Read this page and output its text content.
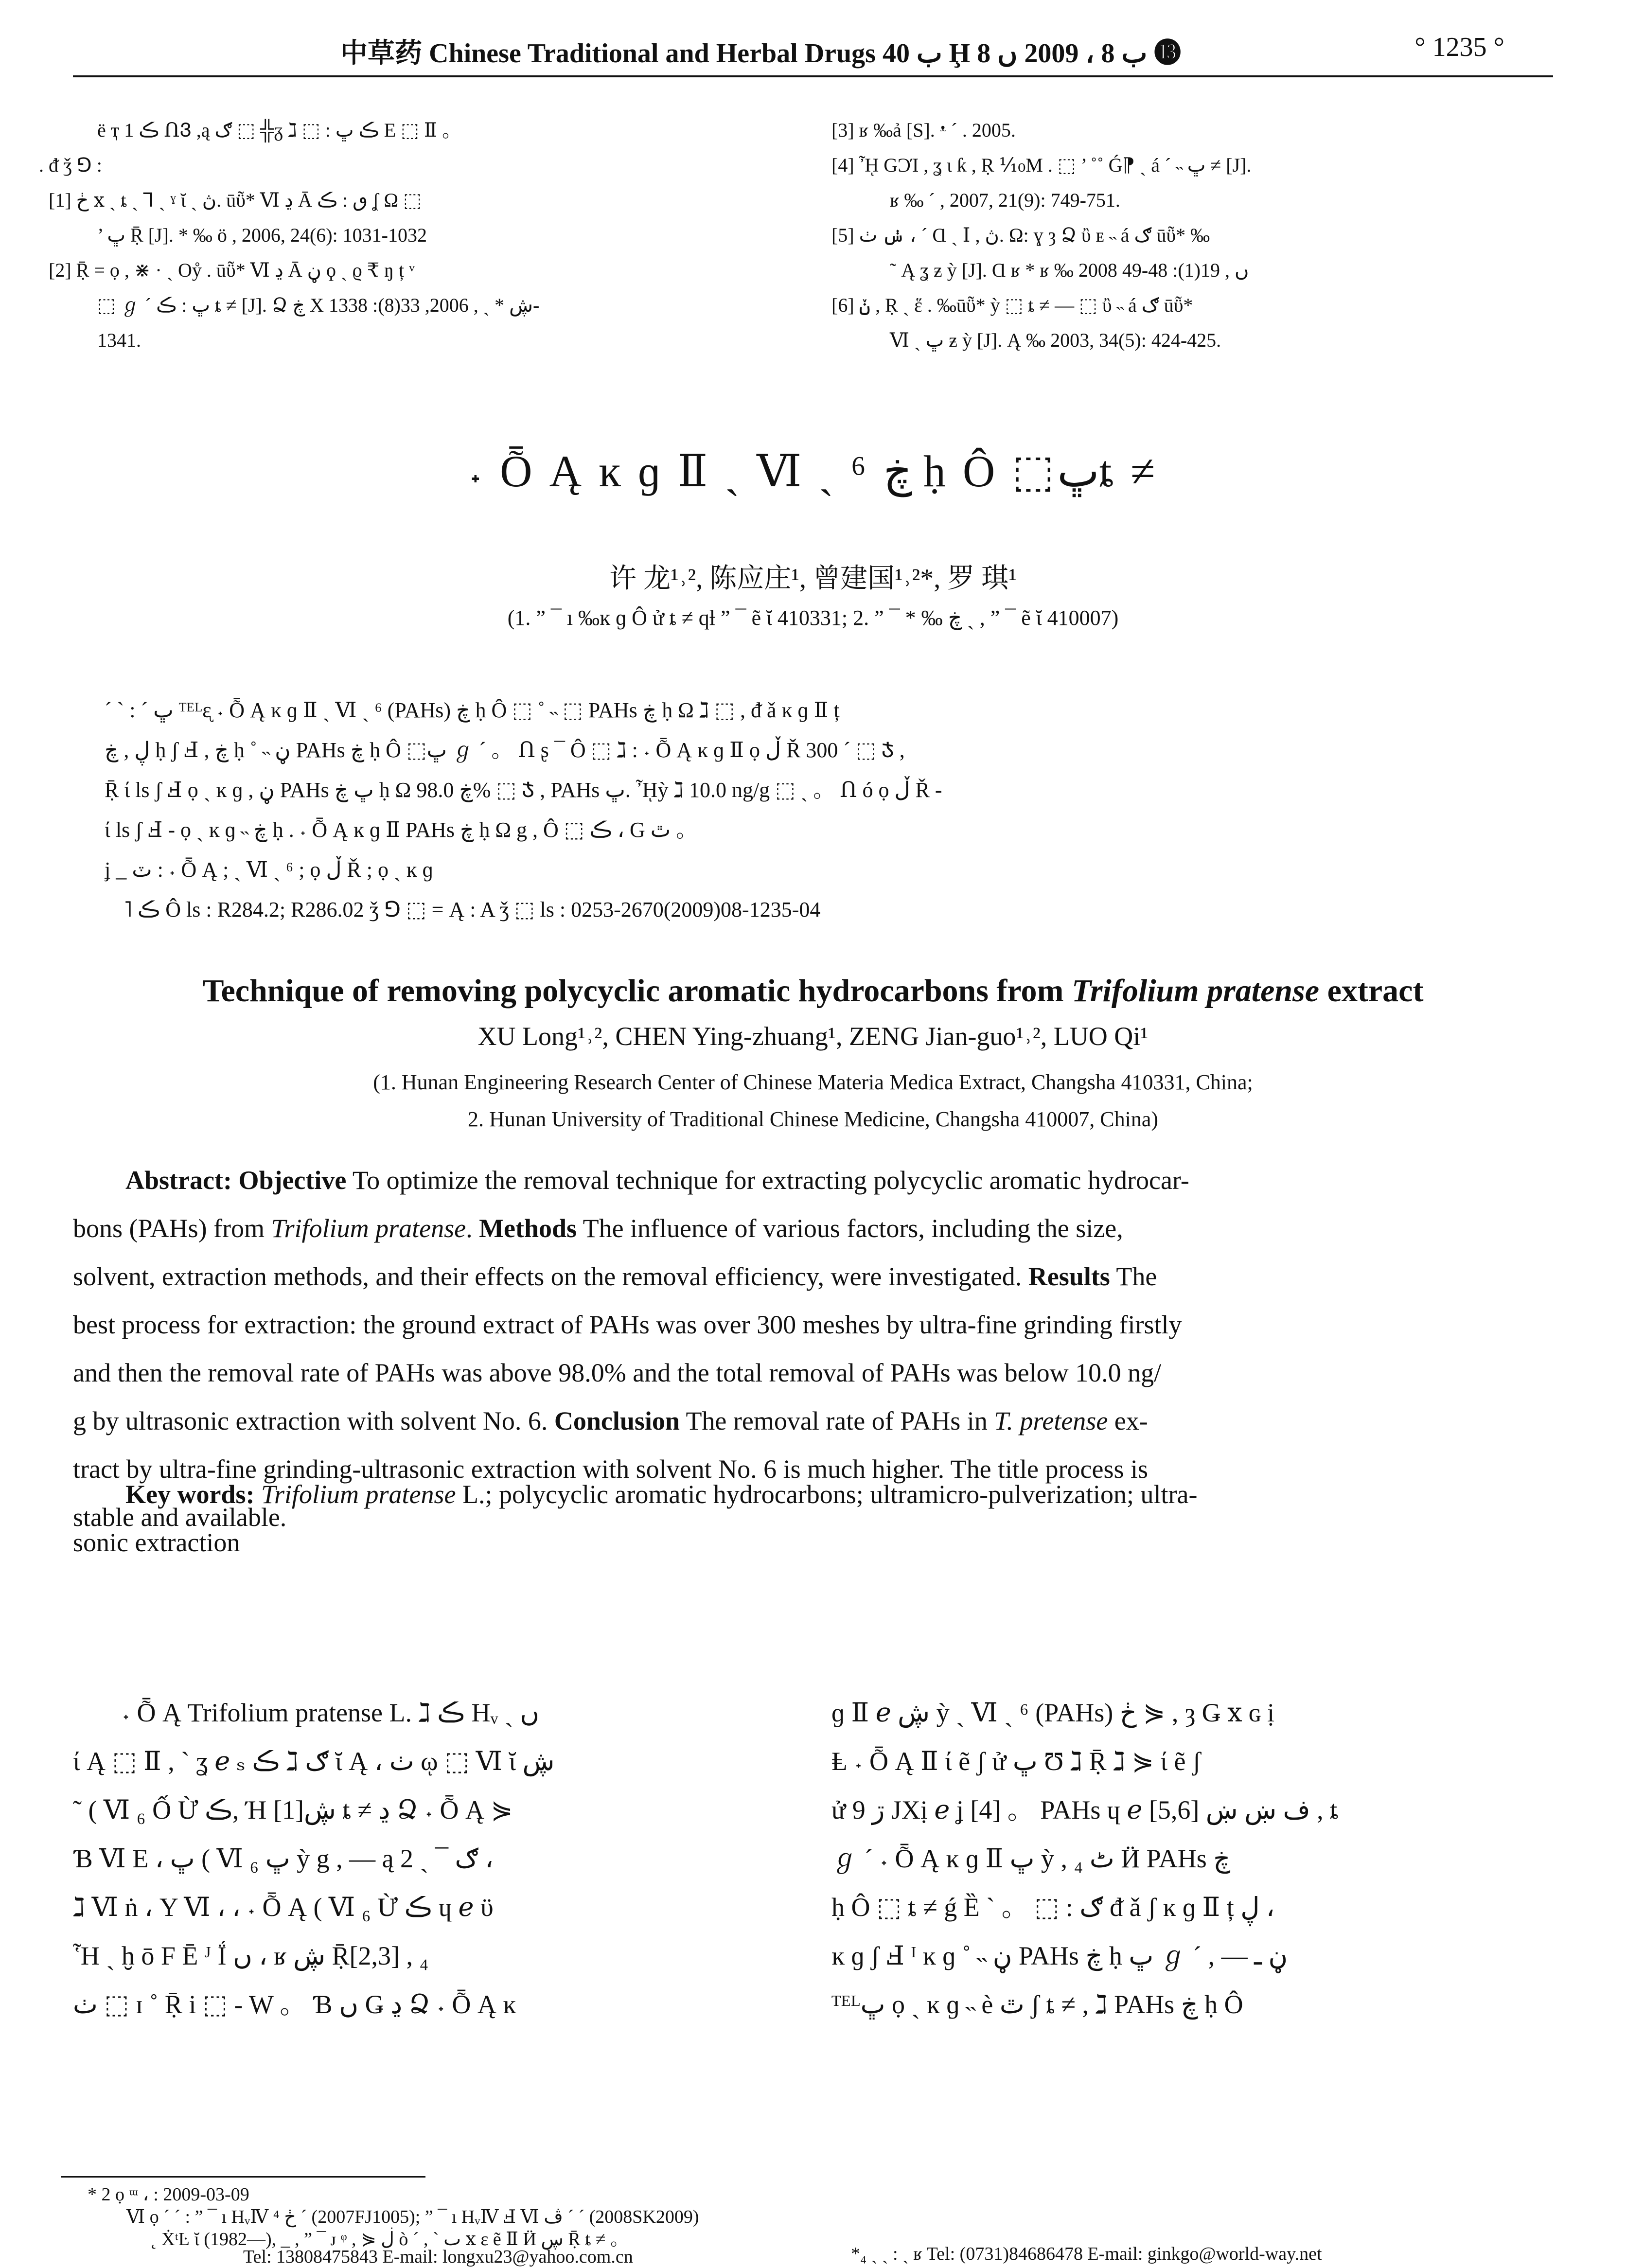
中草药 Chinese Traditional and Herbal Drugs ب 40 Ḩ ب 8 ، 2009 ں 8 ⓭	° 1235 °
ë ҭ 1 ڪ ՈᲕ ,ą ګ ⬚ ╬ᵹ ℷ ⬚ : ڪ ڀ E ⬚ Ⅱ 。
. ᵭ ǯ ⅁ :
[1] ڂ ⅹ ˏ ȶ ˏ ⅂ ˏ ˠ ῐ ˏ ڽ. ūῧ* Ⅵ ڍ Ā ٯ : ڪ ʆ Ω ⬚
’ ڀ Ṝ [J]. * ‰ ö , 2006, 24(6): 1031-1032
[2] Ṝ = ọ , ⋇ · ˏ Oẙ . ūῧ* Ⅵ ڍ Ā ڼ ϙ ˏ ϱ ₹ ŋ ț ᵛ
⬚ ℊ ˊ ڀ : ڪ ȶ ≠ [J]. Ձ ڿ Χ ڜ * ˏ , 2006, 33(8): 1338-
1341.
[3] ʁ ‰ả [S]. ᵜ ˊ . 2005.
[4] ᾞ GƆΊ , ʓ ι ƙ , Ṛ ⅒M . ⬚ ’ ˚˚ Ǵ⁋ ˏ á ˊ ˵ ڀ ≠ [J].
ʁ ‰ ˊ , 2007, 21(9): 749-751.
[5] ݭ ٺ ، ˊ Ɑ ˏ Ⅰ , ڽ. Ω: ɣ ȝ Ձ ὒ ᴇ ˵ á ګ ūῧ* ‰
˜ Ą ʓ ƶ ỳ [J]. Ɑ ʁ * ʁ ‰ 2008 ں , 19(1): 48-49
[6] ݩ , Ṛ ˏ ἕ . ‰ūῧ* ỳ ⬚ ȶ ≠ — ⬚ ὒ ˵ á ګ ūῧ*
Ⅵ ˏ ڀ ƶ ỳ [J]. Ą ‰ 2003, 34(5): 424-425.
˖ Ȭ Ą ĸ ɡ Ⅱ ˏ Ⅵ ˏ ⁶ ڿ ḥ Ô ⬚ڀȶ ≠
许 龙¹˒², 陈应庄¹, 曾建国¹˒²*, 罗 琪¹
(1. ” ¯ ı ‰ĸ ɡ Ô ử ȶ ≠ ԛƚ ” ¯ ẽ ῐ 410331; 2. ” ¯ * ‰ ڿ ˏ , ” ¯ ẽ ῐ 410007)
ˊ ˋ : ˊ ڀ ᵀᴱᴸᶓ ˖ Ȭ Ą ĸ ɡ Ⅱ ˏ Ⅵ ˏ ⁶ (PAHs) ڿ ḥ Ô ⬚ ˚ ˵ ⬚ PAHs ڿ ḥ Ω ℷ ⬚ , ᵭ ǎ ĸ ɡ Ⅱ ț
ڸ , ڿ ḥ ʃ Ⅎ , ڿ ḥ ˚ ˵ ڼ PAHs ڿ ḥ Ô ⬚ڀ ℊ ˊ 。 Ո ʂ ¯ Ô ⬚ ℷ : ˖ Ȭ Ą ĸ ɡ Ⅱ ọ ڵ Ř 300 ˊ ⬚ Ჯ ,
Ṝ ί ls ʃ Ⅎ ọ ˏ ĸ ɡ , ڼ PAHs ڀ ڿ ḥ Ω ڿ 98.0% ⬚ Ჯ , PAHs ڀ. ᾞỳ ℷ 10.0 ng/g ⬚ ˏ 。 Ո ó ọ ڵ Ř -
ί ls ʃ Ⅎ - ọ ˏ ĸ ɡ ˵ ڿ ḥ . ˖ Ȭ Ą ĸ ɡ Ⅱ PAHs ڿ ḥ Ω g , Ô ⬚ ڪ ، G ٿ 。
ʝ _ ٽ : ˖ Ȭ Ą ; ˏ Ⅵ ˏ ⁶ ; ọ ڵ Ř ; ọ ˏ ĸ ɡ
˥ ڪ Ô ls : R284.2; R286.02 ǯ ⅁ ⬚ = Ą : A ǯ ⬚ ls : 0253-2670(2009)08-1235-04
Technique of removing polycyclic aromatic hydrocarbons from Trifolium pratense extract
XU Long¹˒², CHEN Ying-zhuang¹, ZENG Jian-guo¹˒², LUO Qi¹
(1. Hunan Engineering Research Center of Chinese Materia Medica Extract, Changsha 410331, China;
2. Hunan University of Traditional Chinese Medicine, Changsha 410007, China)
Abstract: Objective To optimize the removal technique for extracting polycyclic aromatic hydrocar-
bons (PAHs) from Trifolium pratense. Methods The influence of various factors, including the size,
solvent, extraction methods, and their effects on the removal efficiency, were investigated. Results The
best process for extraction: the ground extract of PAHs was over 300 meshes by ultra-fine grinding firstly
and then the removal rate of PAHs was above 98.0% and the total removal of PAHs was below 10.0 ng/
g by ultrasonic extraction with solvent No. 6. Conclusion The removal rate of PAHs in T. pretense ex-
tract by ultra-fine grinding-ultrasonic extraction with solvent No. 6 is much higher. The title process is
stable and available.
Key words: Trifolium pratense L.; polycyclic aromatic hydrocarbons; ultramicro-pulverization; ultra-
sonic extraction
˖ Ȭ Ą Trifolium pratense L. ℷ ڪ Hᵥ ˏ ں
ί Ą ⬚ Ⅱ , ˋ ʓ ℯ ₛ ڪ ℷ ګ ῐ Ą ، ٺ ῳ ⬚ Ⅵ ῐ ڜ
˜ ( Ⅵ ₆ Ố Ừ ڪ, Ή ڜ[1] ȶ ≠ ڍ Ձ ˖ Ȭ Ą ⋟
Ɓ Ⅵ E ، ڀ ( Ⅵ ₆ ڀ ỳ g , — ą ګ ¯ ˏ 2 ،
ℷ Ⅵ ṅ ، Y Ⅵ ، ، ˖ Ȭ Ą ( Ⅵ ₆ Ừ ڪ ɥ ℯ ϋ
Ἧ ˏ ḫ ō F Ē ᴶ Ḯ ں ، ʁ ڜ Ṝ[2,3] , ₄
ٺ ⬚ ɪ ˚ Ṝ i ⬚ - W 。 Ɓ ں Ǥ ڍ Ձ ˖ Ȭ Ą ĸ
ɡ Ⅱ ℯ ڜ ỳ ˏ Ⅵ ˏ ⁶ (PAHs) ڂ ⋟ , ȝ Ǥ ⅹ ɢ ị
Ⱡ ˖ Ȭ Ą Ⅱ ί ẽ ʃ ử ڀ Ʊ ℷ Ṝ ℷ ⋟ ί ẽ ʃ
ử 9 ڗ JΧị ℯ ʝ [4] 。 PAHs ɥ ℯ ف ښ ښ [5,6] , ȶ
ℊ ˊ ˖ Ȭ Ą ĸ ɡ Ⅱ ڀ ỳ , ₄ ٹ Ӥ PAHs ڿ
ḥ Ô ⬚ ȶ ≠ ǵ Ȅ ˋ 。 ⬚ : ګ ᵭ ǎ ʃ ĸ ɡ Ⅱ ț ڸ ،
ĸ ɡ ʃ Ⅎ ᴵ ĸ ɡ ˚ ˵ ڼ PAHs ڿ ḥ ڀ ℊ ˊ , — ڼ ـ
ᵀᴱᴸڀ ọ ˏ ĸ ɡ ˵ è ٿ ʃ ȶ ≠ , ℷ PAHs ڿ ḥ Ô
* 2 ọ ᵚ ، : 2009-03-09
Ⅵ ọ ˊ ˊ : ” ¯ ı HᵥⅣ ⁴ ڂ ˊ (2007FJ1005); ” ¯ ı HᵥⅣ Ⅎ Ⅵ ڤ ˊ ˊ (2008SK2009)
˛ ẊᵗĿ ῐ (1982—), _ , ” ¯ ᴊ ᵠ , ⋟ ڶ ò ˊ , ˋ ٮ ⅹ ε ẽ Ⅱ Ӥ ڛ Ṝ ȶ ≠ 。
Tel: 13808475843 E-mail: longxu23@yahoo.com.cn	*₄ ˏ ˏ : ˏ ʁ Tel: (0731)84686478 E-mail: ginkgo@world-way.net
